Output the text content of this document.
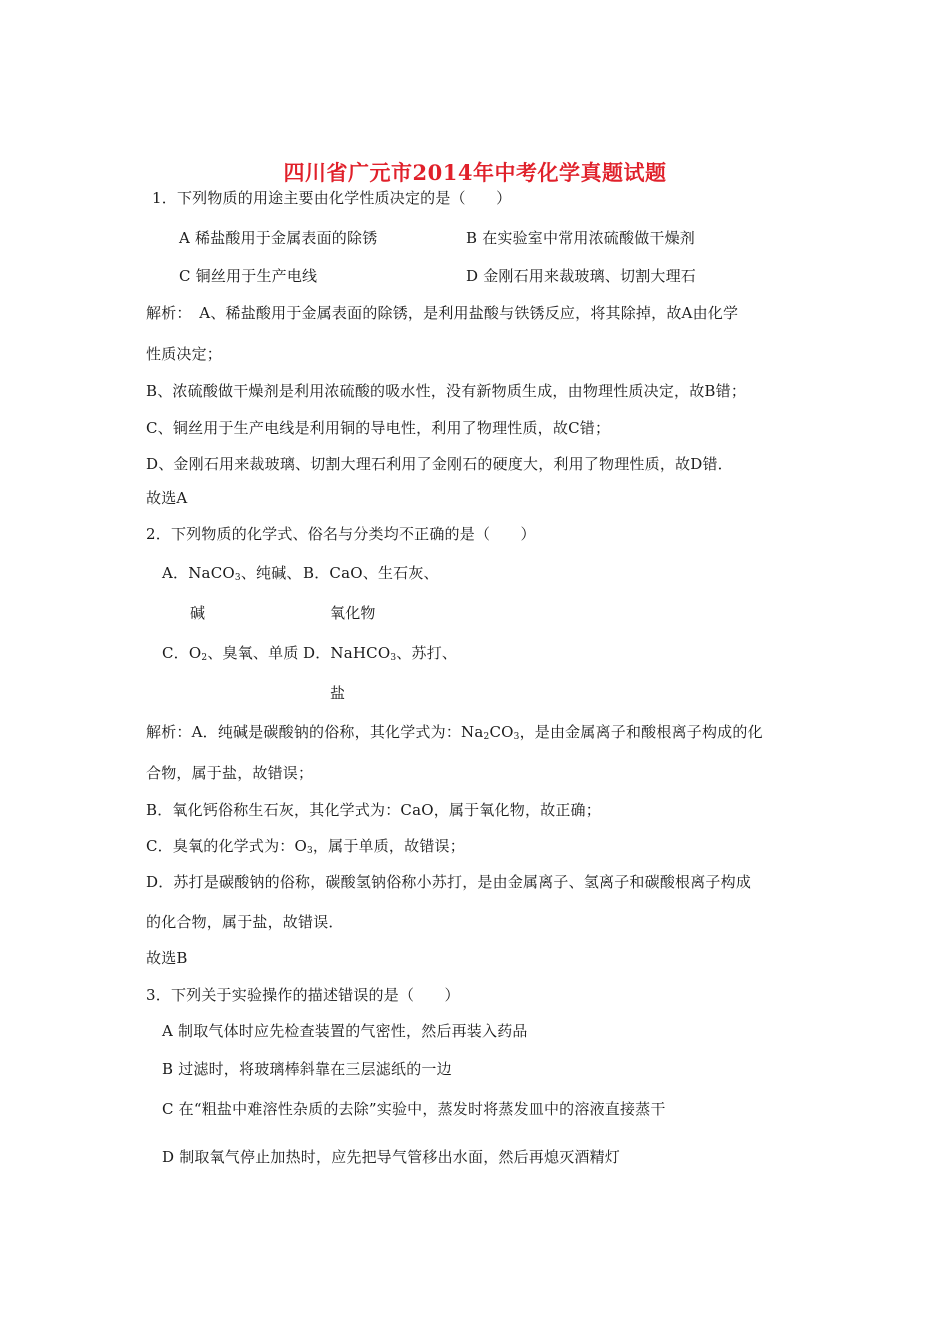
四川省广元市2014年中考化学真题试题
1．下列物质的用途主要由化学性质决定的是（　　）
A 稀盐酸用于金属表面的除锈	B 在实验室中常用浓硫酸做干燥剂
C 铜丝用于生产电线	D 金刚石用来裁玻璃、切割大理石
解析：　A、稀盐酸用于金属表面的除锈，是利用盐酸与铁锈反应，将其除掉，故A由化学
性质决定；
B、浓硫酸做干燥剂是利用浓硫酸的吸水性，没有新物质生成，由物理性质决定，故B错；
C、铜丝用于生产电线是利用铜的导电性，利用了物理性质，故C错；
D、金刚石用来裁玻璃、切割大理石利用了金刚石的硬度大，利用了物理性质，故D错．
故选A
2．下列物质的化学式、俗名与分类均不正确的是（　　）
A．NaCO$_3$、纯碱、 B．CaO、生石灰、
碱	氧化物
C．$O_2$、臭氧、单质 D．NaHCO$_3$、苏打、
盐
解析：A．纯碱是碳酸钠的俗称，其化学式为：$Na_2CO_3$，是由金属离子和酸根离子构成的化
合物，属于盐，故错误；
B．氧化钙俗称生石灰，其化学式为：CaO，属于氧化物，故正确；
C．臭氧的化学式为：$O_3$，属于单质，故错误；
D．苏打是碳酸钠的俗称，碳酸氢钠俗称小苏打，是由金属离子、氢离子和碳酸根离子构成
的化合物，属于盐，故错误．
故选B
3．下列关于实验操作的描述错误的是（　　）
A 制取气体时应先检查装置的气密性，然后再装入药品
B 过滤时，将玻璃棒斜靠在三层滤纸的一边
C 在“粗盐中难溶性杂质的去除”实验中，蒸发时将蒸发皿中的溶液直接蒸干
D 制取氧气停止加热时，应先把导气管移出水面，然后再熄灭酒精灯
